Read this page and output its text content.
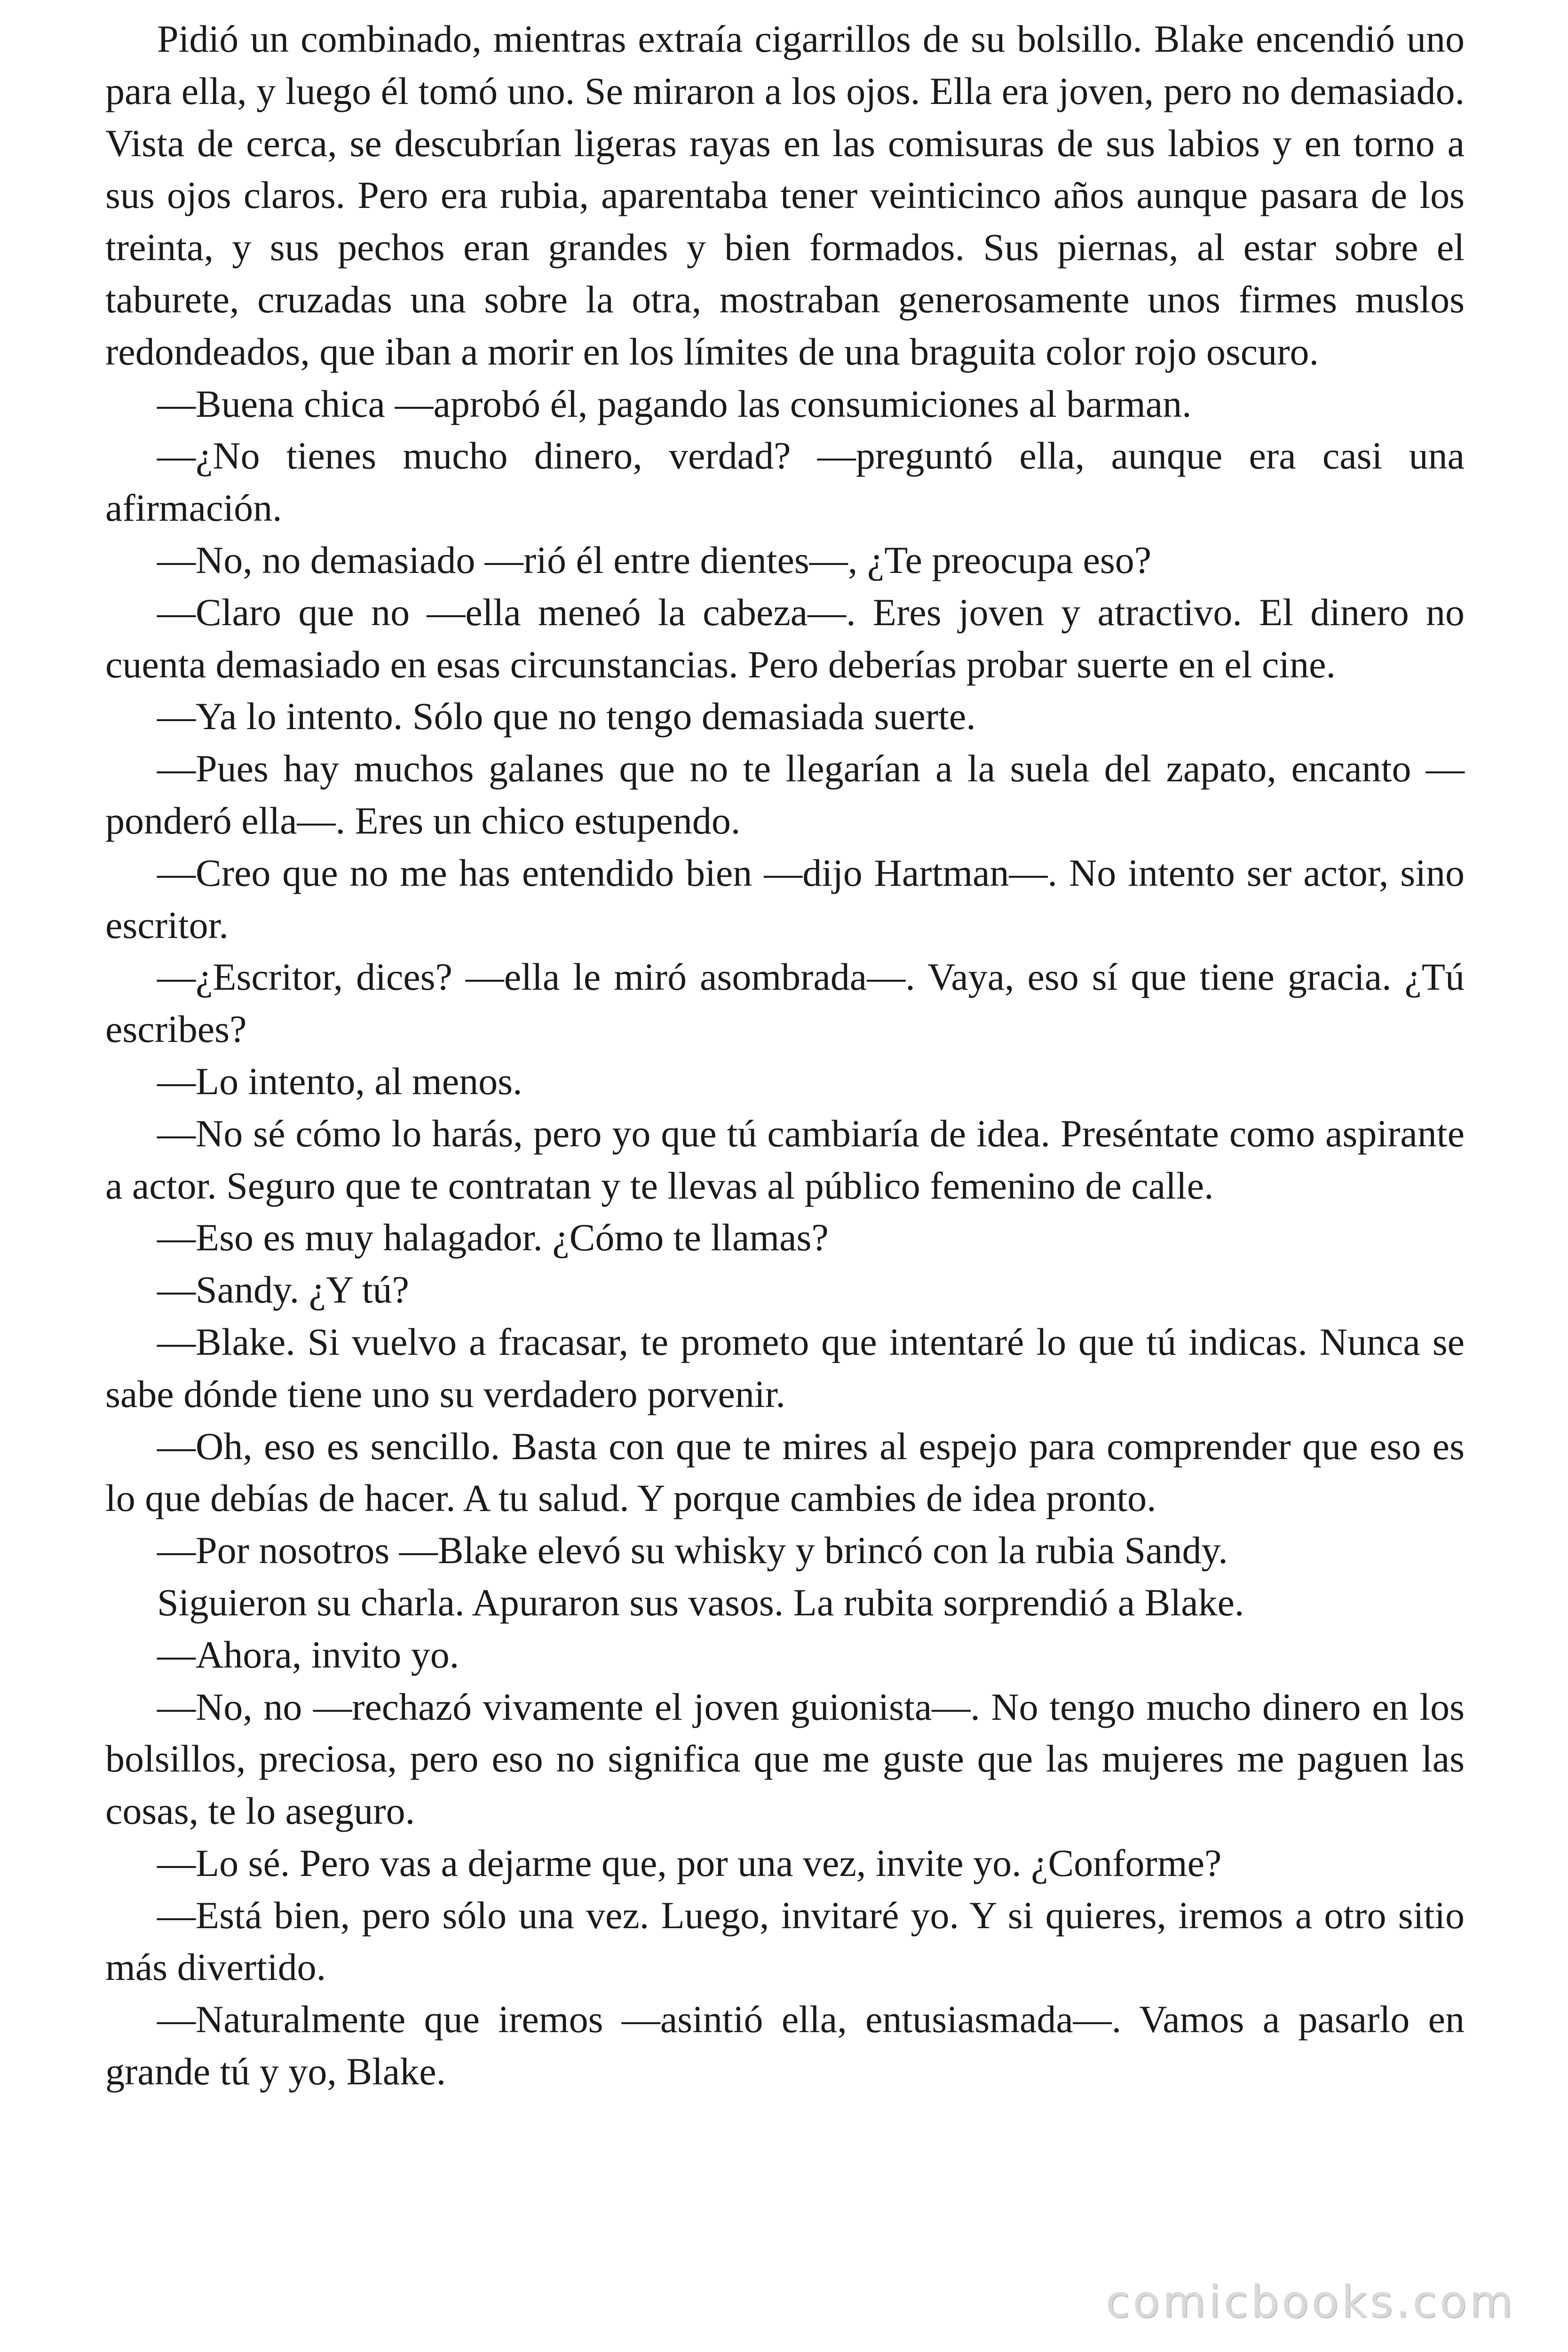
Pidió un combinado, mientras extraía cigarrillos de su bolsillo. Blake encendió uno para ella, y luego él tomó uno. Se miraron a los ojos. Ella era joven, pero no demasiado. Vista de cerca, se descubrían ligeras rayas en las comisuras de sus labios y en torno a sus ojos claros. Pero era rubia, aparentaba tener veinticinco años aunque pasara de los treinta, y sus pechos eran grandes y bien formados. Sus piernas, al estar sobre el taburete, cruzadas una sobre la otra, mostraban generosamente unos firmes muslos redondeados, que iban a morir en los límites de una braguita color rojo oscuro.

—Buena chica —aprobó él, pagando las consumiciones al barman.

—¿No tienes mucho dinero, verdad? —preguntó ella, aunque era casi una afirmación.

—No, no demasiado —rió él entre dientes—, ¿Te preocupa eso?

—Claro que no —ella meneó la cabeza—. Eres joven y atractivo. El dinero no cuenta demasiado en esas circunstancias. Pero deberías probar suerte en el cine.

—Ya lo intento. Sólo que no tengo demasiada suerte.

—Pues hay muchos galanes que no te llegarían a la suela del zapato, encanto — ponderó ella—. Eres un chico estupendo.

—Creo que no me has entendido bien —dijo Hartman—. No intento ser actor, sino escritor.

—¿Escritor, dices? —ella le miró asombrada—. Vaya, eso sí que tiene gracia. ¿Tú escribes?

—Lo intento, al menos.

—No sé cómo lo harás, pero yo que tú cambiaría de idea. Preséntate como aspirante a actor. Seguro que te contratan y te llevas al público femenino de calle.

—Eso es muy halagador. ¿Cómo te llamas?

—Sandy. ¿Y tú?

—Blake. Si vuelvo a fracasar, te prometo que intentaré lo que tú indicas. Nunca se sabe dónde tiene uno su verdadero porvenir.

—Oh, eso es sencillo. Basta con que te mires al espejo para comprender que eso es lo que debías de hacer. A tu salud. Y porque cambies de idea pronto.

—Por nosotros —Blake elevó su whisky y brincó con la rubia Sandy.

Siguieron su charla. Apuraron sus vasos. La rubita sorprendió a Blake.

—Ahora, invito yo.

—No, no —rechazó vivamente el joven guionista—. No tengo mucho dinero en los bolsillos, preciosa, pero eso no significa que me guste que las mujeres me paguen las cosas, te lo aseguro.

—Lo sé. Pero vas a dejarme que, por una vez, invite yo. ¿Conforme?

—Está bien, pero sólo una vez. Luego, invitaré yo. Y si quieres, iremos a otro sitio más divertido.

—Naturalmente que iremos —asintió ella, entusiasmada—. Vamos a pasarlo en grande tú y yo, Blake.

comicbooks.com
